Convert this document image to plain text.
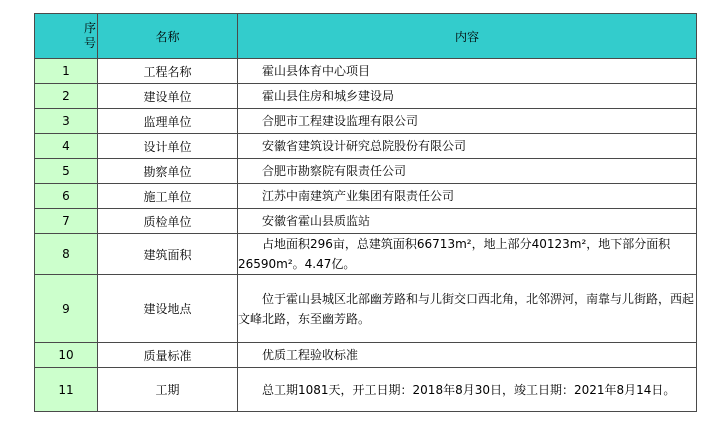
序号	名称	内容
1	工程名称	霍山县体育中心项目

2	建设单位	霍山县住房和城乡建设局

3	监理单位	合肥市工程建设监理有限公司

4	设计单位	安徽省建筑设计研究总院股份有限公司

5	勘察单位	合肥市勘察院有限责任公司

6	施工单位	江苏中南建筑产业集团有限责任公司

7	质检单位	安徽省霍山县质监站

8	建筑面积	占地面积296亩，总建筑面积66713m²，地上部分40123m²，地下部分面积26590m²。4.47亿。

9	建设地点	位于霍山县城区北部幽芳路和与儿街交口西北角，北邻淠河，南靠与儿街路，西起文峰北路，东至幽芳路。

10	质量标准	优质工程验收标准

11	工期	总工期1081天，开工日期：2018年8月30日，竣工日期：2021年8月14日。
